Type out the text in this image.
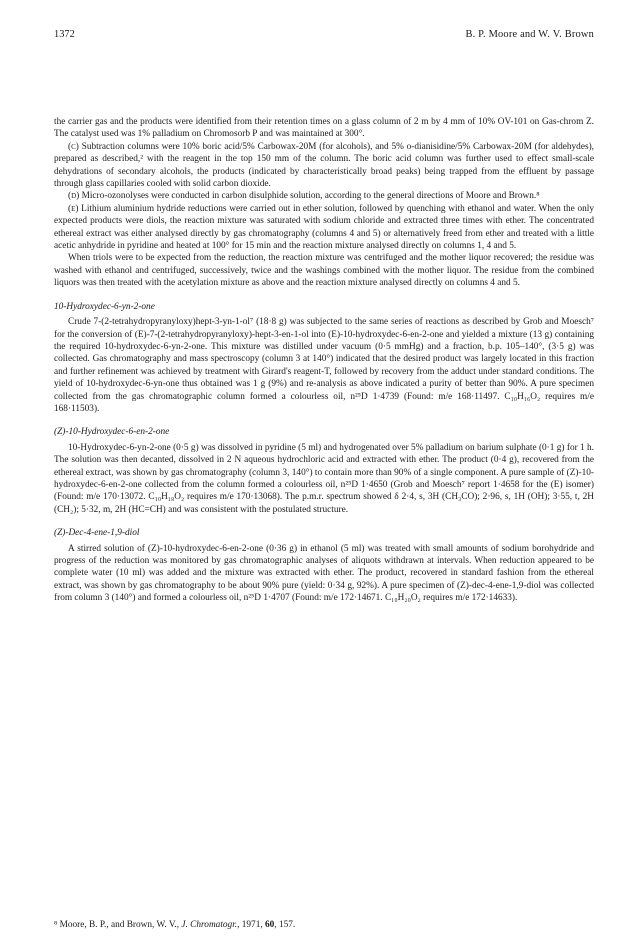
1372	B. P. Moore and W. V. Brown

the carrier gas and the products were identified from their retention times on a glass column of 2 m by 4 mm of 10% OV-101 on Gas-chrom Z. The catalyst used was 1% palladium on Chromosorb P and was maintained at 300°.

(c) Subtraction columns were 10% boric acid/5% Carbowax-20M (for alcohols), and 5% o-dianisidine/5% Carbowax-20M (for aldehydes), prepared as described,² with the reagent in the top 150 mm of the column. The boric acid column was further used to effect small-scale dehydrations of secondary alcohols, the products (indicated by characteristically broad peaks) being trapped from the effluent by passage through glass capillaries cooled with solid carbon dioxide.

(d) Micro-ozonolyses were conducted in carbon disulphide solution, according to the general directions of Moore and Brown.⁸

(e) Lithium aluminium hydride reductions were carried out in ether solution, followed by quenching with ethanol and water. When the only expected products were diols, the reaction mixture was saturated with sodium chloride and extracted three times with ether. The concentrated ethereal extract was either analysed directly by gas chromatography (columns 4 and 5) or alternatively freed from ether and treated with a little acetic anhydride in pyridine and heated at 100° for 15 min and the reaction mixture analysed directly on columns 1, 4 and 5.

When triols were to be expected from the reduction, the reaction mixture was centrifuged and the mother liquor recovered; the residue was washed with ethanol and centrifuged, successively, twice and the washings combined with the mother liquor. The residue from the combined liquors was then treated with the acetylation mixture as above and the reaction mixture analysed directly on columns 4 and 5.

10-Hydroxydec-6-yn-2-one

Crude 7-(2-tetrahydropyranyloxy)hept-3-yn-1-ol⁷ (18·8 g) was subjected to the same series of reactions as described by Grob and Moesch⁷ for the conversion of (E)-7-(2-tetrahydropyranyloxy)-hept-3-en-1-ol into (E)-10-hydroxydec-6-en-2-one and yielded a mixture (13 g) containing the required 10-hydroxydec-6-yn-2-one. This mixture was distilled under vacuum (0·5 mmHg) and a fraction, b.p. 105–140°, (3·5 g) was collected. Gas chromatography and mass spectroscopy (column 3 at 140°) indicated that the desired product was largely located in this fraction and further refinement was achieved by treatment with Girard's reagent-T, followed by recovery from the adduct under standard conditions. The yield of 10-hydroxydec-6-yn-one thus obtained was 1 g (9%) and re-analysis as above indicated a purity of better than 90%. A pure specimen collected from the gas chromatographic column formed a colourless oil, n²⁵D 1·4739 (Found: m/e 168·11497. C₁₀H₁₆O₂ requires m/e 168·11503).

(Z)-10-Hydroxydec-6-en-2-one

10-Hydroxydec-6-yn-2-one (0·5 g) was dissolved in pyridine (5 ml) and hydrogenated over 5% palladium on barium sulphate (0·1 g) for 1 h. The solution was then decanted, dissolved in 2 N aqueous hydrochloric acid and extracted with ether. The product (0·4 g), recovered from the ethereal extract, was shown by gas chromatography (column 3, 140°) to contain more than 90% of a single component. A pure sample of (Z)-10-hydroxydec-6-en-2-one collected from the column formed a colourless oil, n²⁵D 1·4650 (Grob and Moesch⁷ report 1·4658 for the (E) isomer) (Found: m/e 170·13072. C₁₀H₁₈O₂ requires m/e 170·13068). The p.m.r. spectrum showed δ 2·4, s, 3H (CH₃CO); 2·96, s, 1H (OH); 3·55, t, 2H (CH₂); 5·32, m, 2H (HC=CH) and was consistent with the postulated structure.

(Z)-Dec-4-ene-1,9-diol

A stirred solution of (Z)-10-hydroxydec-6-en-2-one (0·36 g) in ethanol (5 ml) was treated with small amounts of sodium borohydride and progress of the reduction was monitored by gas chromatographic analyses of aliquots withdrawn at intervals. When reduction appeared to be complete water (10 ml) was added and the mixture was extracted with ether. The product, recovered in standard fashion from the ethereal extract, was shown by gas chromatography to be about 90% pure (yield: 0·34 g, 92%). A pure specimen of (Z)-dec-4-ene-1,9-diol was collected from column 3 (140°) and formed a colourless oil, n²⁵D 1·4707 (Found: m/e 172·14671. C₁₀H₂₀O₂ requires m/e 172·14633).

⁸ Moore, B. P., and Brown, W. V., J. Chromatogr., 1971, 60, 157.
